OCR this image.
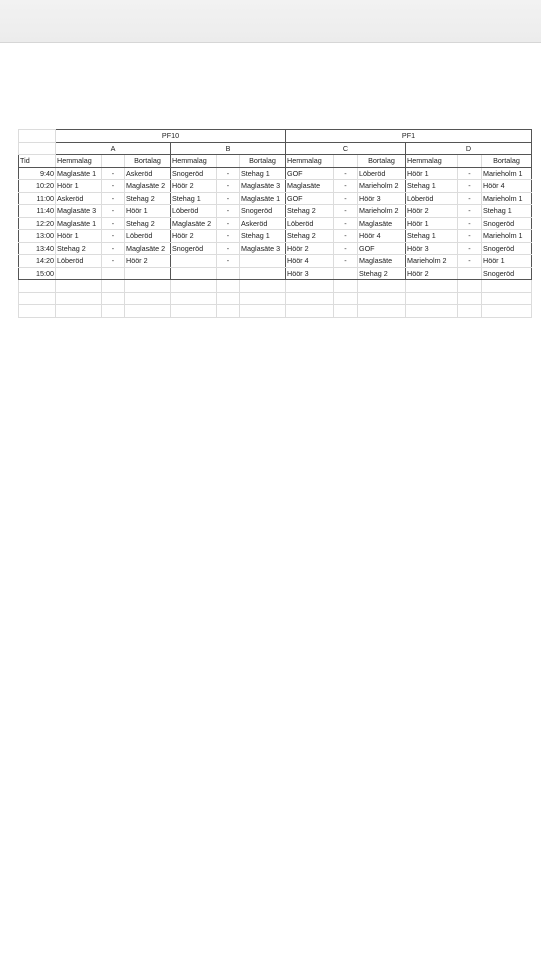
	PF10						PF1					
	A			B			C			D		
Tid	Hemmalag		Bortalag	Hemmalag		Bortalag	Hemmalag		Bortalag	Hemmalag		Bortalag
9:40	Maglasäte 1	-	Askeröd	Snogeröd	-	Stehag 1	GOF	-	Löberöd	Höör 1	-	Marieholm 1
10:20	Höör 1	-	Maglasäte 2	Höör 2	-	Maglasäte 3	Maglasäte	-	Marieholm 2	Stehag 1	-	Höör 4
11:00	Askeröd	-	Stehag 2	Stehag 1	-	Maglasäte 1	GOF	-	Höör 3	Löberöd	-	Marieholm 1
11:40	Maglasäte 3	-	Höör 1	Löberöd	-	Snogeröd	Stehag 2	-	Marieholm 2	Höör 2	-	Stehag 1
12:20	Maglasäte 1	-	Stehag 2	Maglasäte 2	-	Askeröd	Löberöd	-	Maglasäte	Höör 1	-	Snogeröd
13:00	Höör 1	-	Löberöd	Höör 2	-	Stehag 1	Stehag 2	-	Höör 4	Stehag 1	-	Marieholm 1
13:40	Stehag 2	-	Maglasäte 2	Snogeröd	-	Maglasäte 3	Höör 2	-	GOF	Höör 3	-	Snogeröd
14:20	Löberöd	-	Höör 2		-		Höör 4	-	Maglasäte	Marieholm 2	-	Höör 1
15:00							Höör 3		Stehag 2	Höör 2		Snogeröd
